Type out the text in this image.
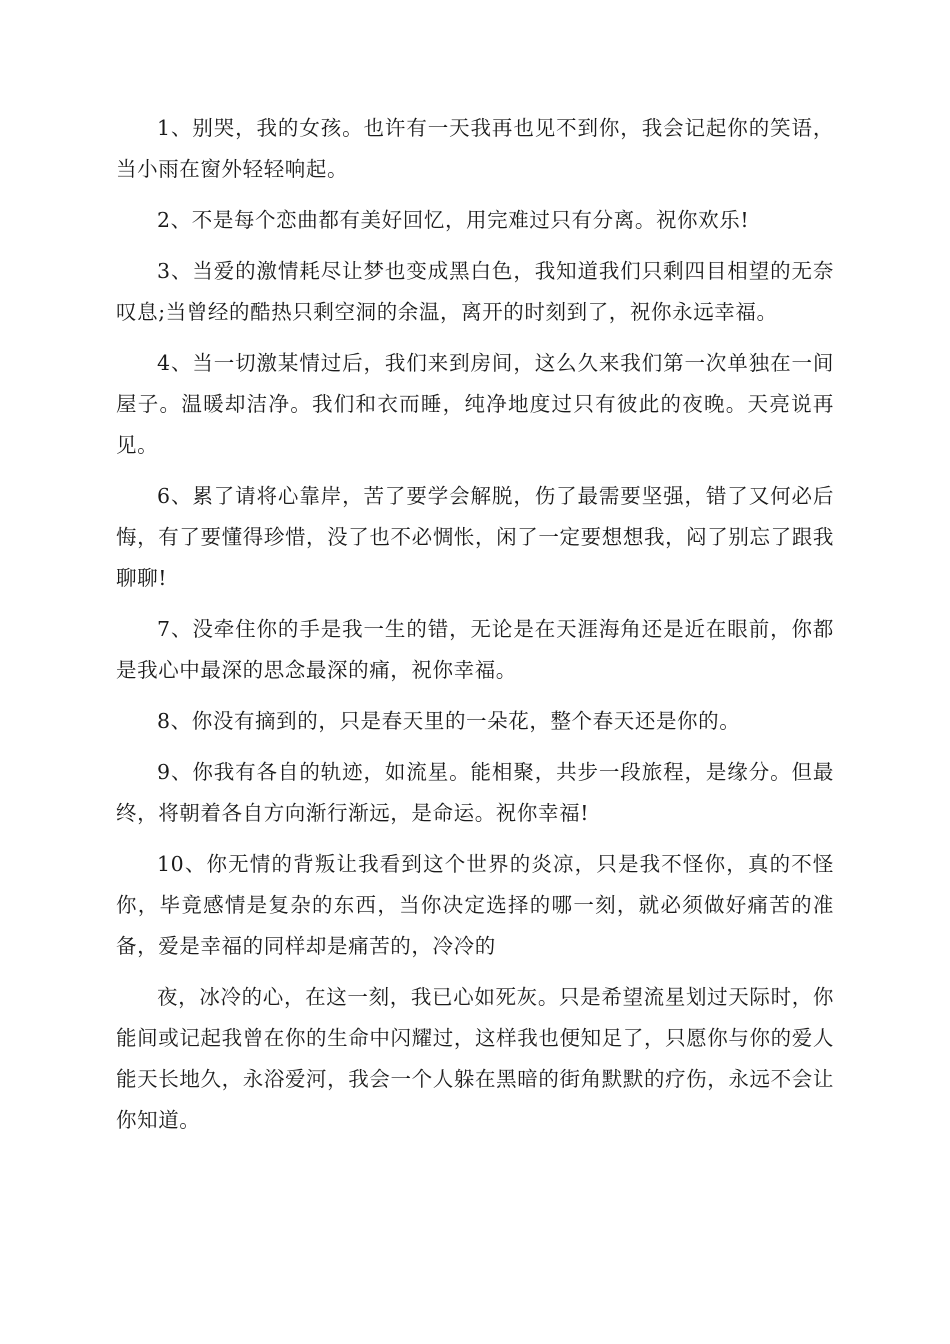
1、别哭，我的女孩。也许有一天我再也见不到你，我会记起你的笑语，当小雨在窗外轻轻响起。

2、不是每个恋曲都有美好回忆，用完难过只有分离。祝你欢乐!

3、当爱的激情耗尽让梦也变成黑白色，我知道我们只剩四目相望的无奈叹息;当曾经的酷热只剩空洞的余温，离开的时刻到了，祝你永远幸福。

4、当一切激某情过后，我们来到房间，这么久来我们第一次单独在一间屋子。温暖却洁净。我们和衣而睡，纯净地度过只有彼此的夜晚。天亮说再见。

6、累了请将心靠岸，苦了要学会解脱，伤了最需要坚强，错了又何必后悔，有了要懂得珍惜，没了也不必惆怅，闲了一定要想想我，闷了别忘了跟我聊聊!

7、没牵住你的手是我一生的错，无论是在天涯海角还是近在眼前，你都是我心中最深的思念最深的痛，祝你幸福。

8、你没有摘到的，只是春天里的一朵花，整个春天还是你的。

9、你我有各自的轨迹，如流星。能相聚，共步一段旅程，是缘分。但最终，将朝着各自方向渐行渐远，是命运。祝你幸福!

10、你无情的背叛让我看到这个世界的炎凉，只是我不怪你，真的不怪你，毕竟感情是复杂的东西，当你决定选择的哪一刻，就必须做好痛苦的准备，爱是幸福的同样却是痛苦的，冷冷的

夜，冰冷的心，在这一刻，我已心如死灰。只是希望流星划过天际时，你能间或记起我曾在你的生命中闪耀过，这样我也便知足了，只愿你与你的爱人能天长地久，永浴爱河，我会一个人躲在黑暗的街角默默的疗伤，永远不会让你知道。
